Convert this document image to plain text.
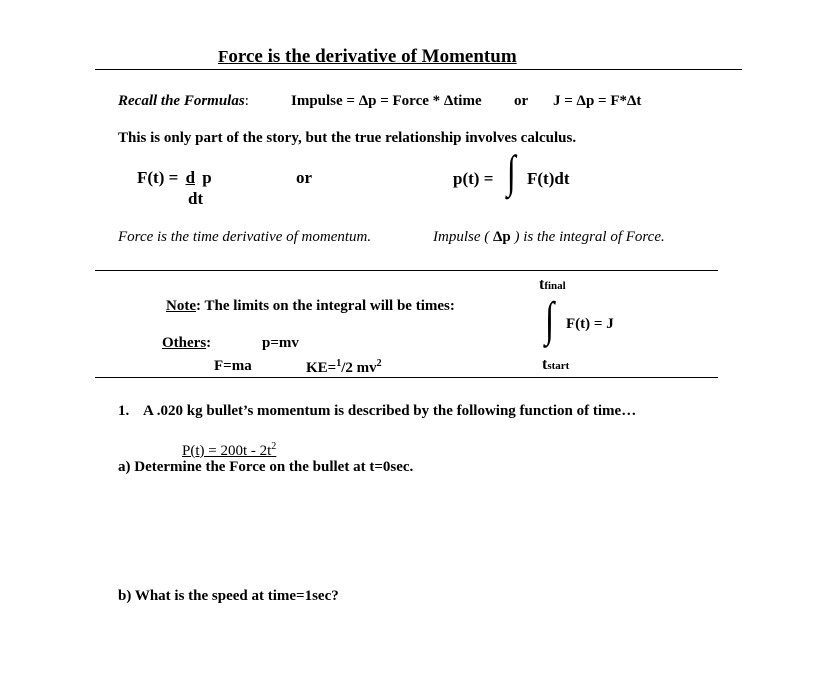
Force is the derivative of Momentum
Recall the Formulas:	Impulse = Δp = Force * Δtime or J = Δp = F*Δt
This is only part of the story, but the true relationship involves calculus.
F(t) = d p
dt
or	p(t) = ∫ F(t)dt
Force is the time derivative of momentum.	Impulse ( Δp ) is the integral of Force.
Note: The limits on the integral will be times:
Others:	p=mv
F=ma	KE=$^1$/2 $mv^2$
tfinal
∫ F(t) = J
tstart
1. A .020 kg bullet’s momentum is described by the following function of time…
$P(t) = 200t - 2t^2$
a) Determine the Force on the bullet at t=0sec.
b) What is the speed at time=1sec?
